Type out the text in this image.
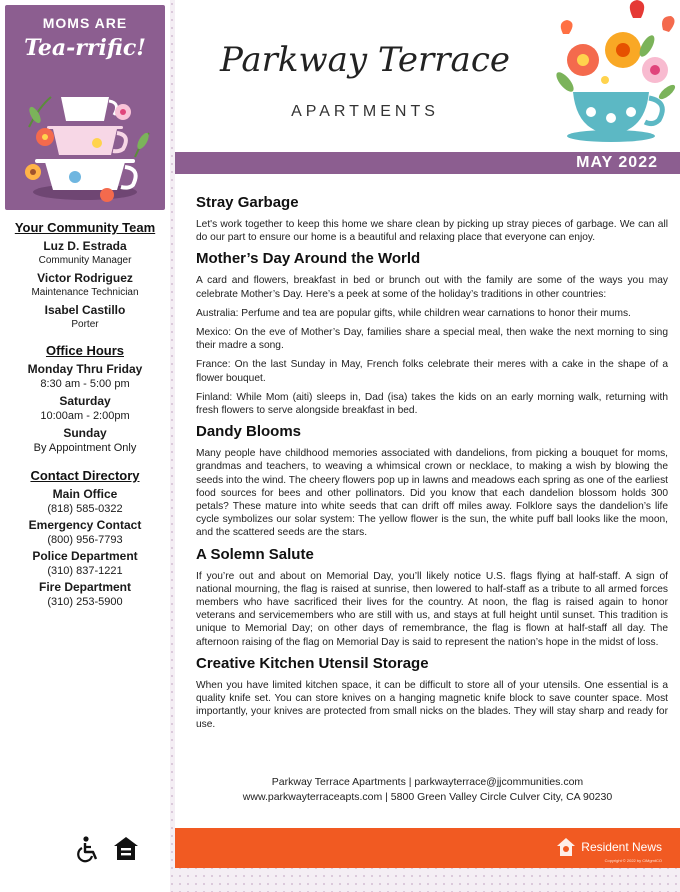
MOMS ARE
Tea-rrific!
Your Community Team
Luz D. Estrada
Community Manager
Victor Rodriguez
Maintenance Technician
Isabel Castillo
Porter
Office Hours
Monday Thru Friday
8:30 am - 5:00 pm
Saturday
10:00am - 2:00pm
Sunday
By Appointment Only
Contact Directory
Main Office
(818) 585-0322
Emergency Contact
(800) 956-7793
Police Department
(310) 837-1221
Fire Department
(310) 253-5900
Parkway Terrace
APARTMENTS
MAY 2022
Stray Garbage

Let's work together to keep this home we share clean by picking up stray pieces of garbage. We can all do our part to ensure our home is a beautiful and relaxing place that everyone can enjoy.

Mother’s Day Around the World

A card and flowers, breakfast in bed or brunch out with the family are some of the ways you may celebrate Mother’s Day. Here’s a peek at some of the holiday’s traditions in other countries:

Australia: Perfume and tea are popular gifts, while children wear carnations to honor their mums.

Mexico: On the eve of Mother’s Day, families share a special meal, then wake the next morning to sing their madre a song.

France: On the last Sunday in May, French folks celebrate their meres with a cake in the shape of a flower bouquet.

Finland: While Mom (aiti) sleeps in, Dad (isa) takes the kids on an early morning walk, returning with fresh flowers to serve alongside breakfast in bed.

Dandy Blooms

Many people have childhood memories associated with dandelions, from picking a bouquet for moms, grandmas and teachers, to weaving a whimsical crown or necklace, to making a wish by blowing the seeds into the wind. The cheery flowers pop up in lawns and meadows each spring as one of the earliest food sources for bees and other pollinators. Did you know that each dandelion blossom holds 300 petals? These mature into white seeds that can drift off miles away. Folklore says the dandelion’s life cycle symbolizes our solar system: The yellow flower is the sun, the white puff ball looks like the moon, and the scattered seeds are the stars.

A Solemn Salute

If you’re out and about on Memorial Day, you’ll likely notice U.S. flags flying at half-staff. A sign of national mourning, the flag is raised at sunrise, then lowered to half-staff as a tribute to all armed forces members who have sacrificed their lives for the country. At noon, the flag is raised again to honor veterans and servicemembers who are still with us, and stays at full height until sunset. This tradition is unique to Memorial Day; on other days of remembrance, the flag is flown at half-staff all day. The afternoon raising of the flag on Memorial Day is said to represent the nation’s hope in the midst of loss.

Creative Kitchen Utensil Storage

When you have limited kitchen space, it can be difficult to store all of your utensils. One essential is a quality knife set. You can store knives on a hanging magnetic knife block to save counter space. Most importantly, your knives are protected from small nicks on the blades. They will stay sharp and ready for use.

Parkway Terrace Apartments | parkwayterrace@jjcommunities.com
www.parkwayterraceapts.com | 5800 Green Valley Circle Culver City, CA 90230
Resident News
Copyright © 2022 by CiMgmtCO
